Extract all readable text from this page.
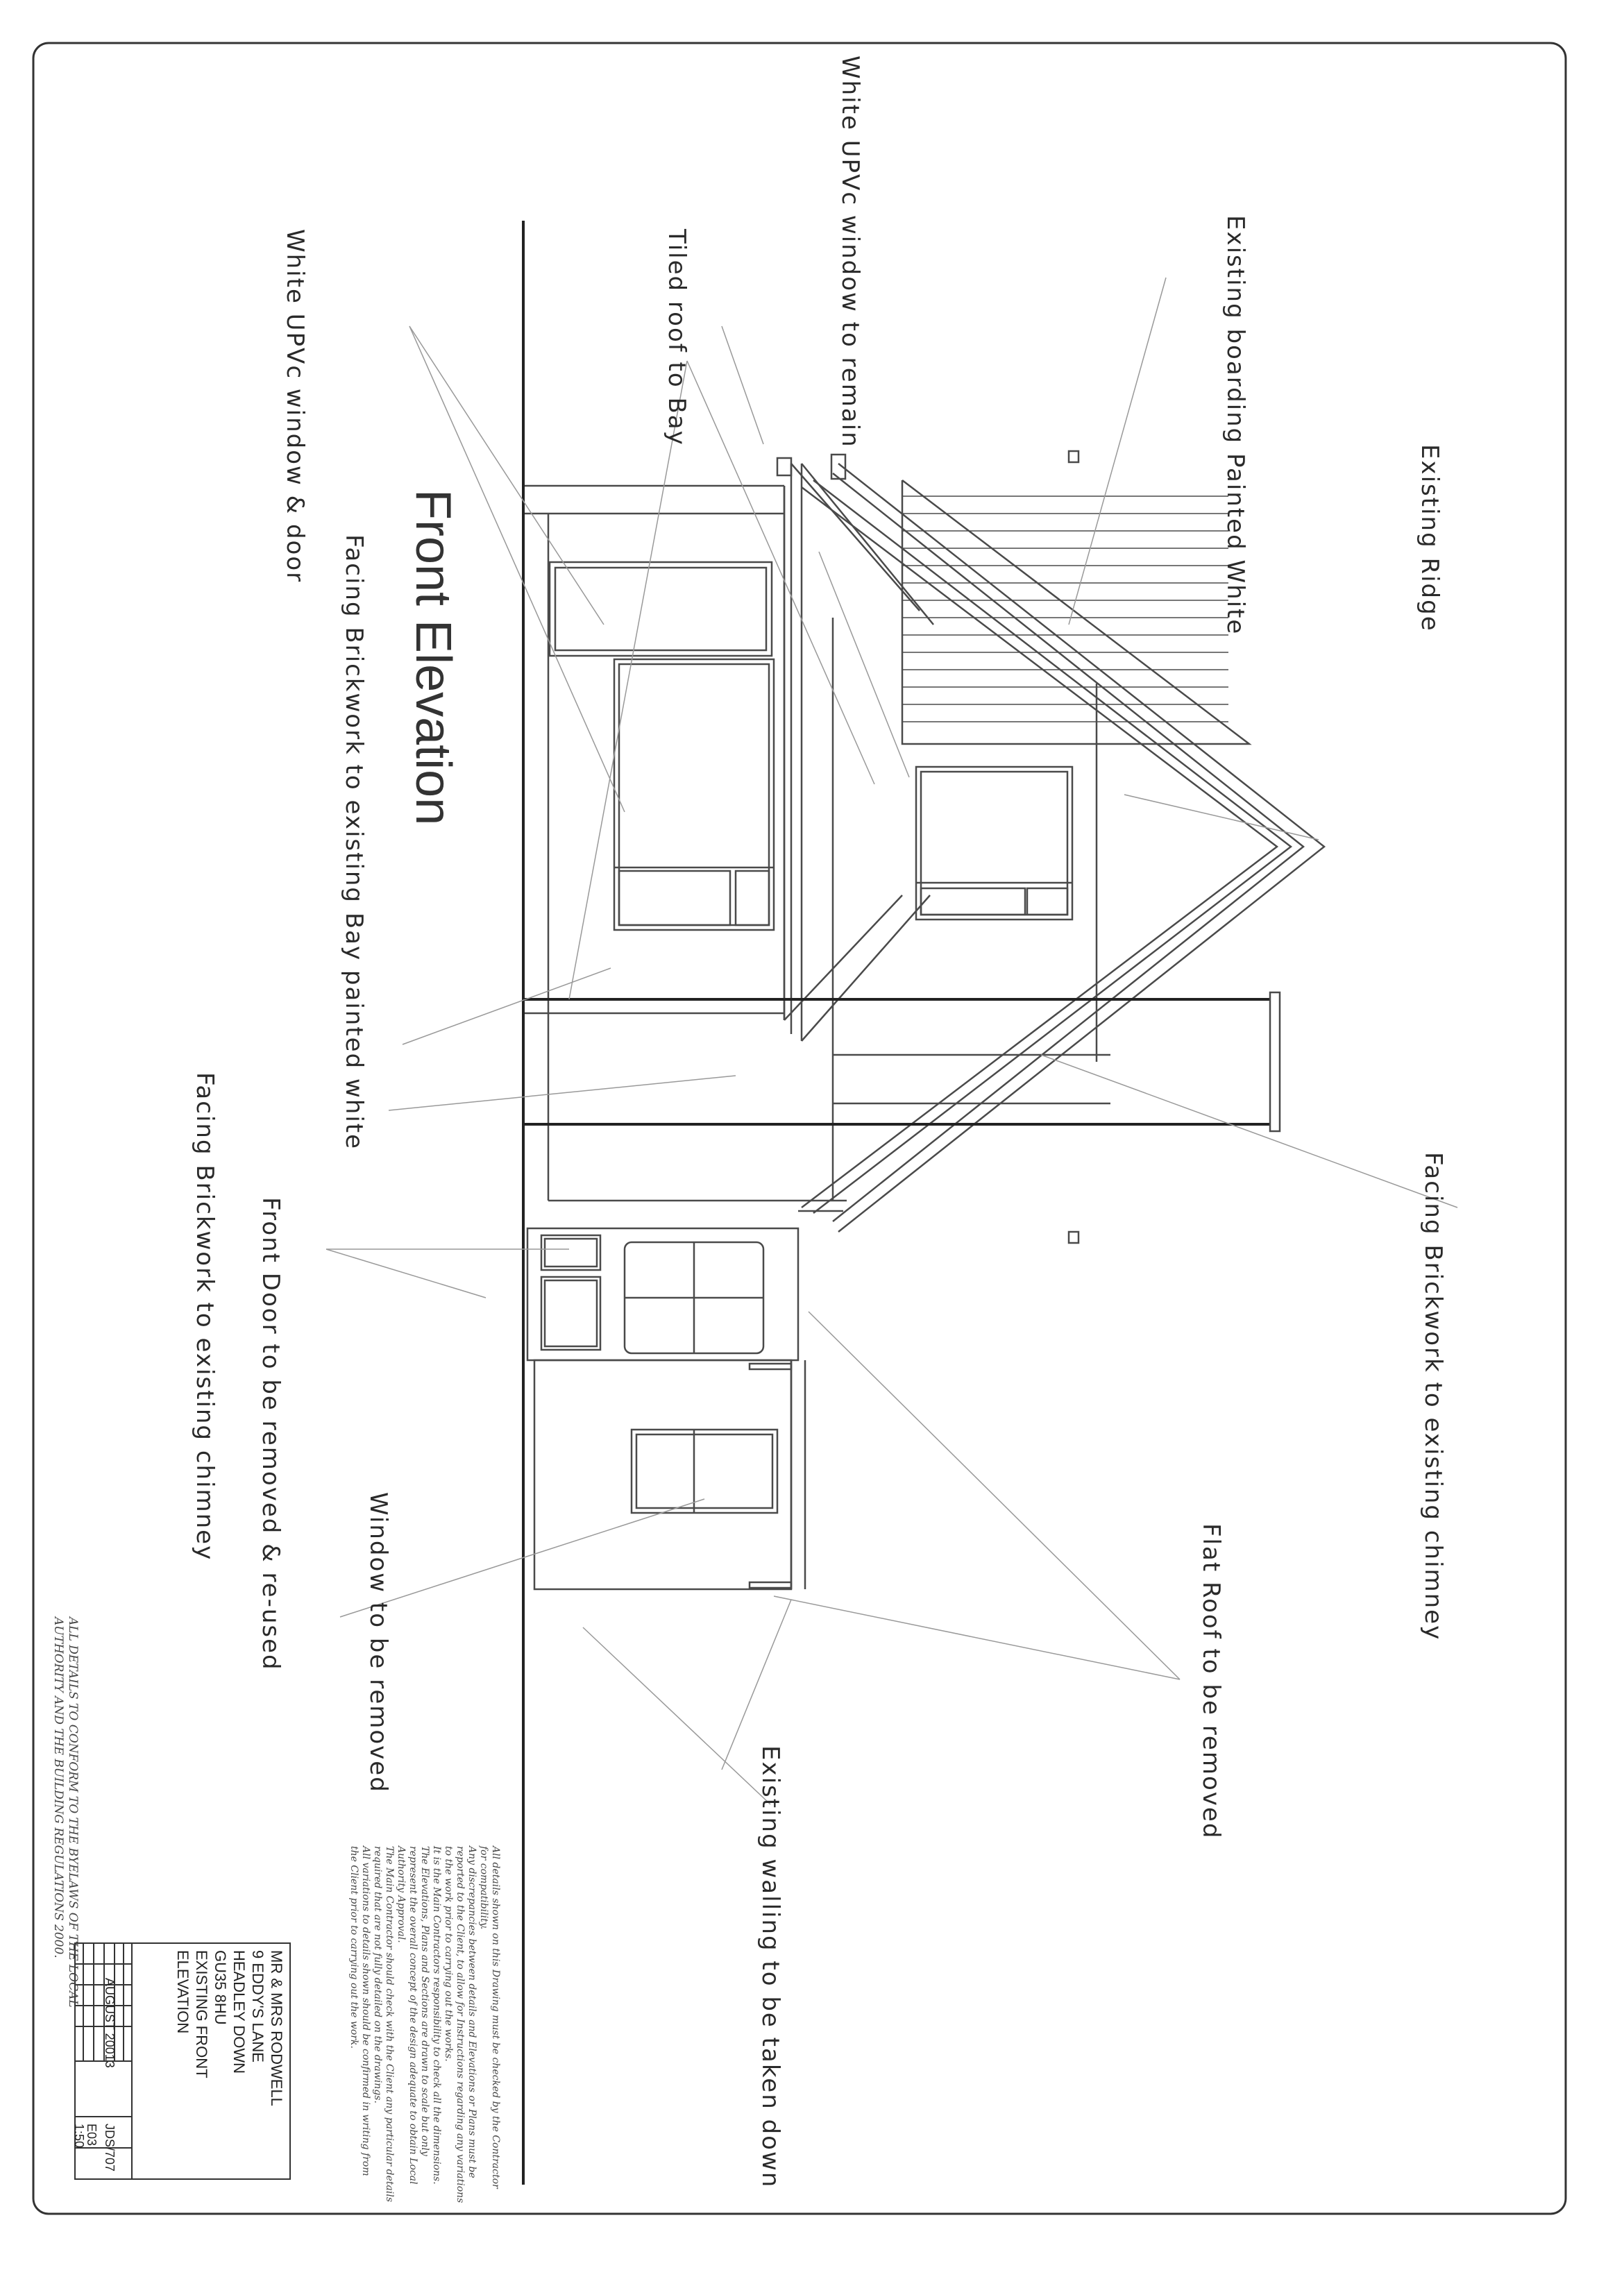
Existing Ridge
Existing boarding Painted White
White UPVc window to remain
Tiled roof to Bay
White UPVc window & door
Front Elevation
Facing Brickwork to existing Bay painted white
Facing Brickwork to existing chimney Front Door to be removed & re-used	Window to be removed
Existing walling to be taken down
Flat Roof to be removed
Facing Brickwork to existing chimney
All details shown on this Drawing must be checked by the Contractor
for compatibility.
Any discrepancies between details and Elevations or Plans must be
reported to the Client, to allow for Instructions regarding any variations
to the work prior to carrying out the works.
It is the Main Contractors responsibility to check all the dimensions.
The Elevations, Plans and Sections are drawn to scale but only
represent the overall concept of the design adequate to obtain Local
Authority Approval.
The Main Contractor should check with the Client any particular details
required that are not fully detailed on the drawings.
All variations to details shown should be confirmed in writing from
the Client prior to carrying out the work.
ALL DETAILS TO CONFORM TO THE BYELAWS OF THE LOCAL
AUTHORITY AND THE BUILDING REGULATIONS 2000.
MR & MRS RODWELL
9 EDDY'S LANE
HEADLEY DOWN
GU35 8HU
EXISTING FRONT
ELEVATION
AUGUST 20013
JDS/707
E03
1:50
